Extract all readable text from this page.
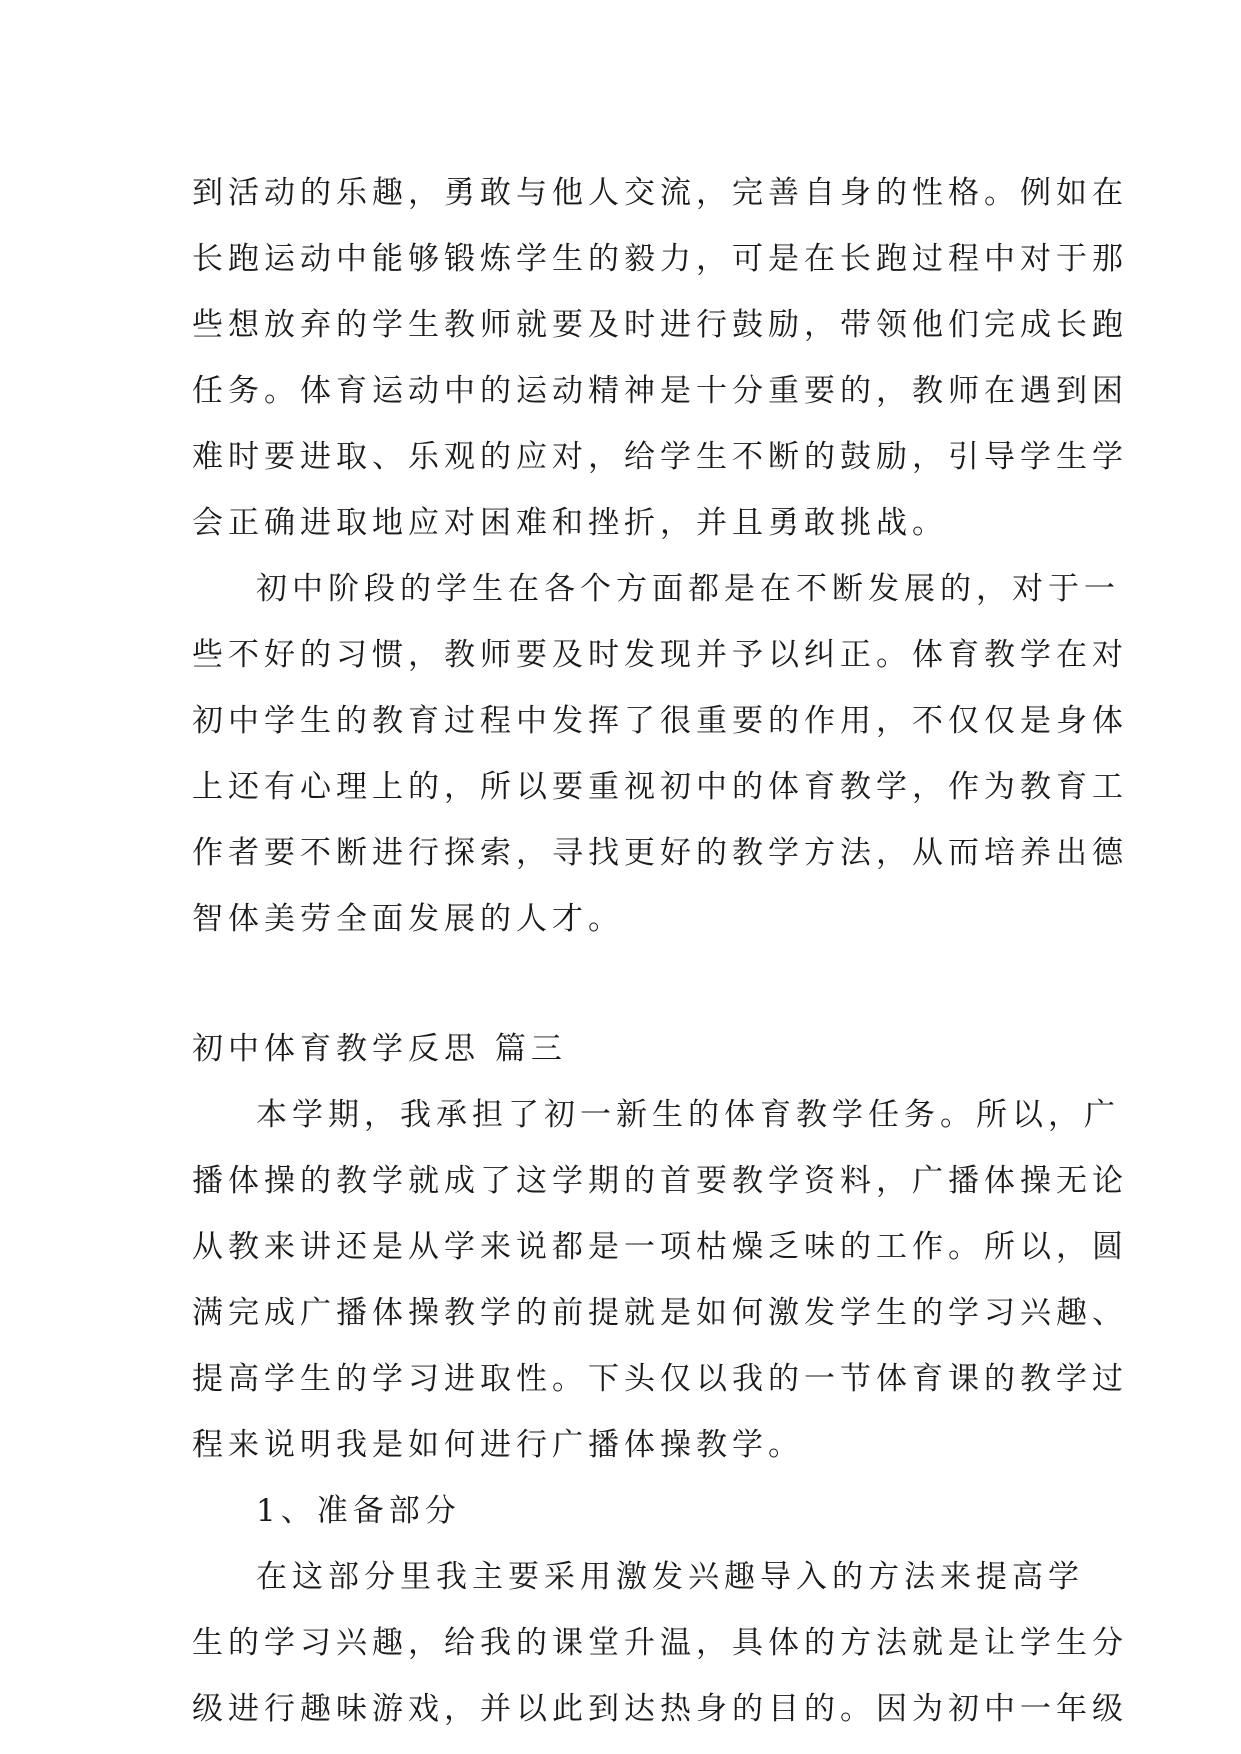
到活动的乐趣，勇敢与他人交流，完善自身的性格。例如在
长跑运动中能够锻炼学生的毅力，可是在长跑过程中对于那
些想放弃的学生教师就要及时进行鼓励，带领他们完成长跑
任务。体育运动中的运动精神是十分重要的，教师在遇到困
难时要进取、乐观的应对，给学生不断的鼓励，引导学生学
会正确进取地应对困难和挫折，并且勇敢挑战。
初中阶段的学生在各个方面都是在不断发展的，对于一
些不好的习惯，教师要及时发现并予以纠正。体育教学在对
初中学生的教育过程中发挥了很重要的作用，不仅仅是身体
上还有心理上的，所以要重视初中的体育教学，作为教育工
作者要不断进行探索，寻找更好的教学方法，从而培养出德
智体美劳全面发展的人才。
初中体育教学反思 篇三
本学期，我承担了初一新生的体育教学任务。所以，广
播体操的教学就成了这学期的首要教学资料，广播体操无论
从教来讲还是从学来说都是一项枯燥乏味的工作。所以，圆
满完成广播体操教学的前提就是如何激发学生的学习兴趣、
提高学生的学习进取性。下头仅以我的一节体育课的教学过
程来说明我是如何进行广播体操教学。
1、准备部分
在这部分里我主要采用激发兴趣导入的方法来提高学
生的学习兴趣，给我的课堂升温，具体的方法就是让学生分
级进行趣味游戏，并以此到达热身的目的。因为初中一年级
